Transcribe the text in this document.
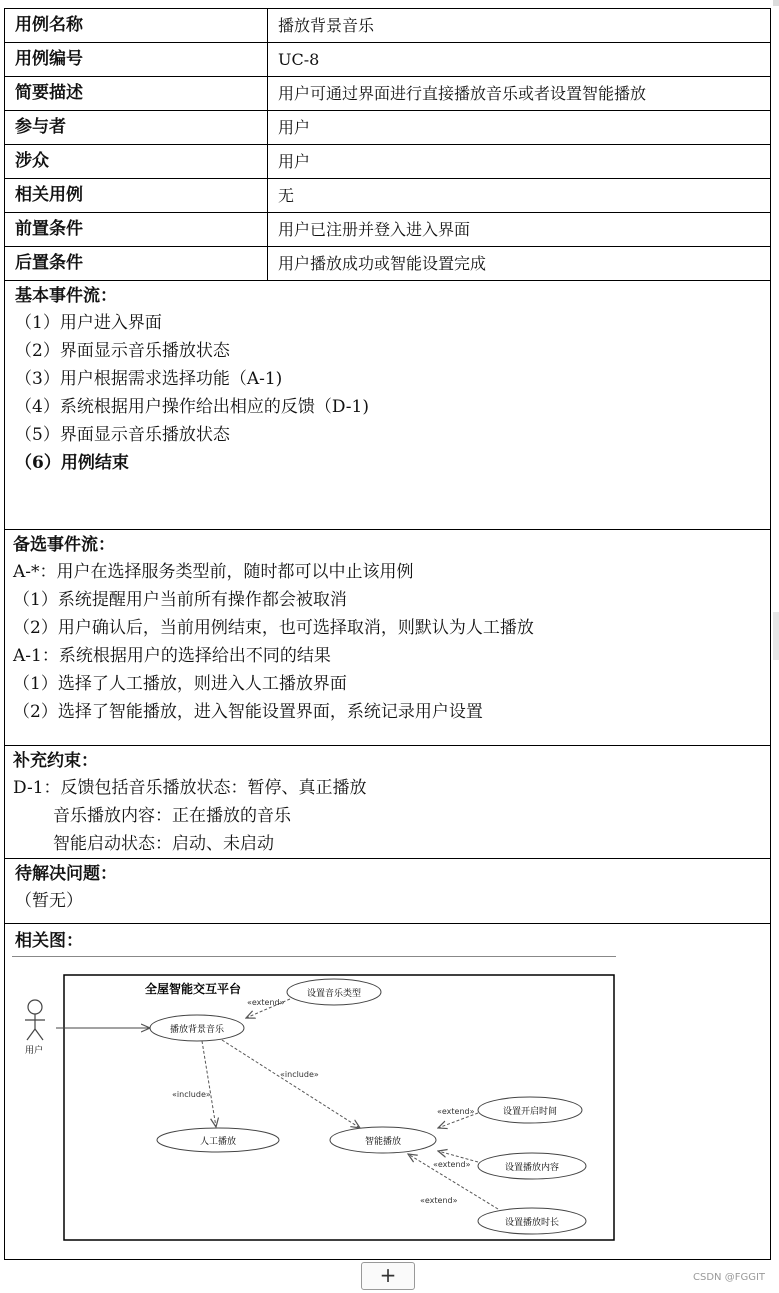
用例名称	播放背景音乐
用例编号	UC-8
简要描述	用户可通过界面进行直接播放音乐或者设置智能播放
参与者	用户
涉众	用户
相关用例	无
前置条件	用户已注册并登入进入界面
后置条件	用户播放成功或智能设置完成
基本事件流：
（1）用户进入界面
（2）界面显示音乐播放状态
（3）用户根据需求选择功能（A-1)
（4）系统根据用户操作给出相应的反馈（D-1)
（5）界面显示音乐播放状态
（6）用例结束
备选事件流：
A-*：用户在选择服务类型前，随时都可以中止该用例
（1）系统提醒用户当前所有操作都会被取消
（2）用户确认后，当前用例结束，也可选择取消，则默认为人工播放
A-1：系统根据用户的选择给出不同的结果
（1）选择了人工播放，则进入人工播放界面
（2）选择了智能播放，进入智能设置界面，系统记录用户设置
补充约束：
D-1：反馈包括音乐播放状态：暂停、真正播放
音乐播放内容：正在播放的音乐
智能启动状态：启动、未启动
待解决问题：
（暂无）
相关图：
全屋智能交互平台
用户
播放背景音乐
设置音乐类型
人工播放	智能播放
设置开启时间
设置播放内容
设置播放时长
«extend»
«include»
«include»
«extend»
«extend»
«extend»
+	CSDN @FGGIT
